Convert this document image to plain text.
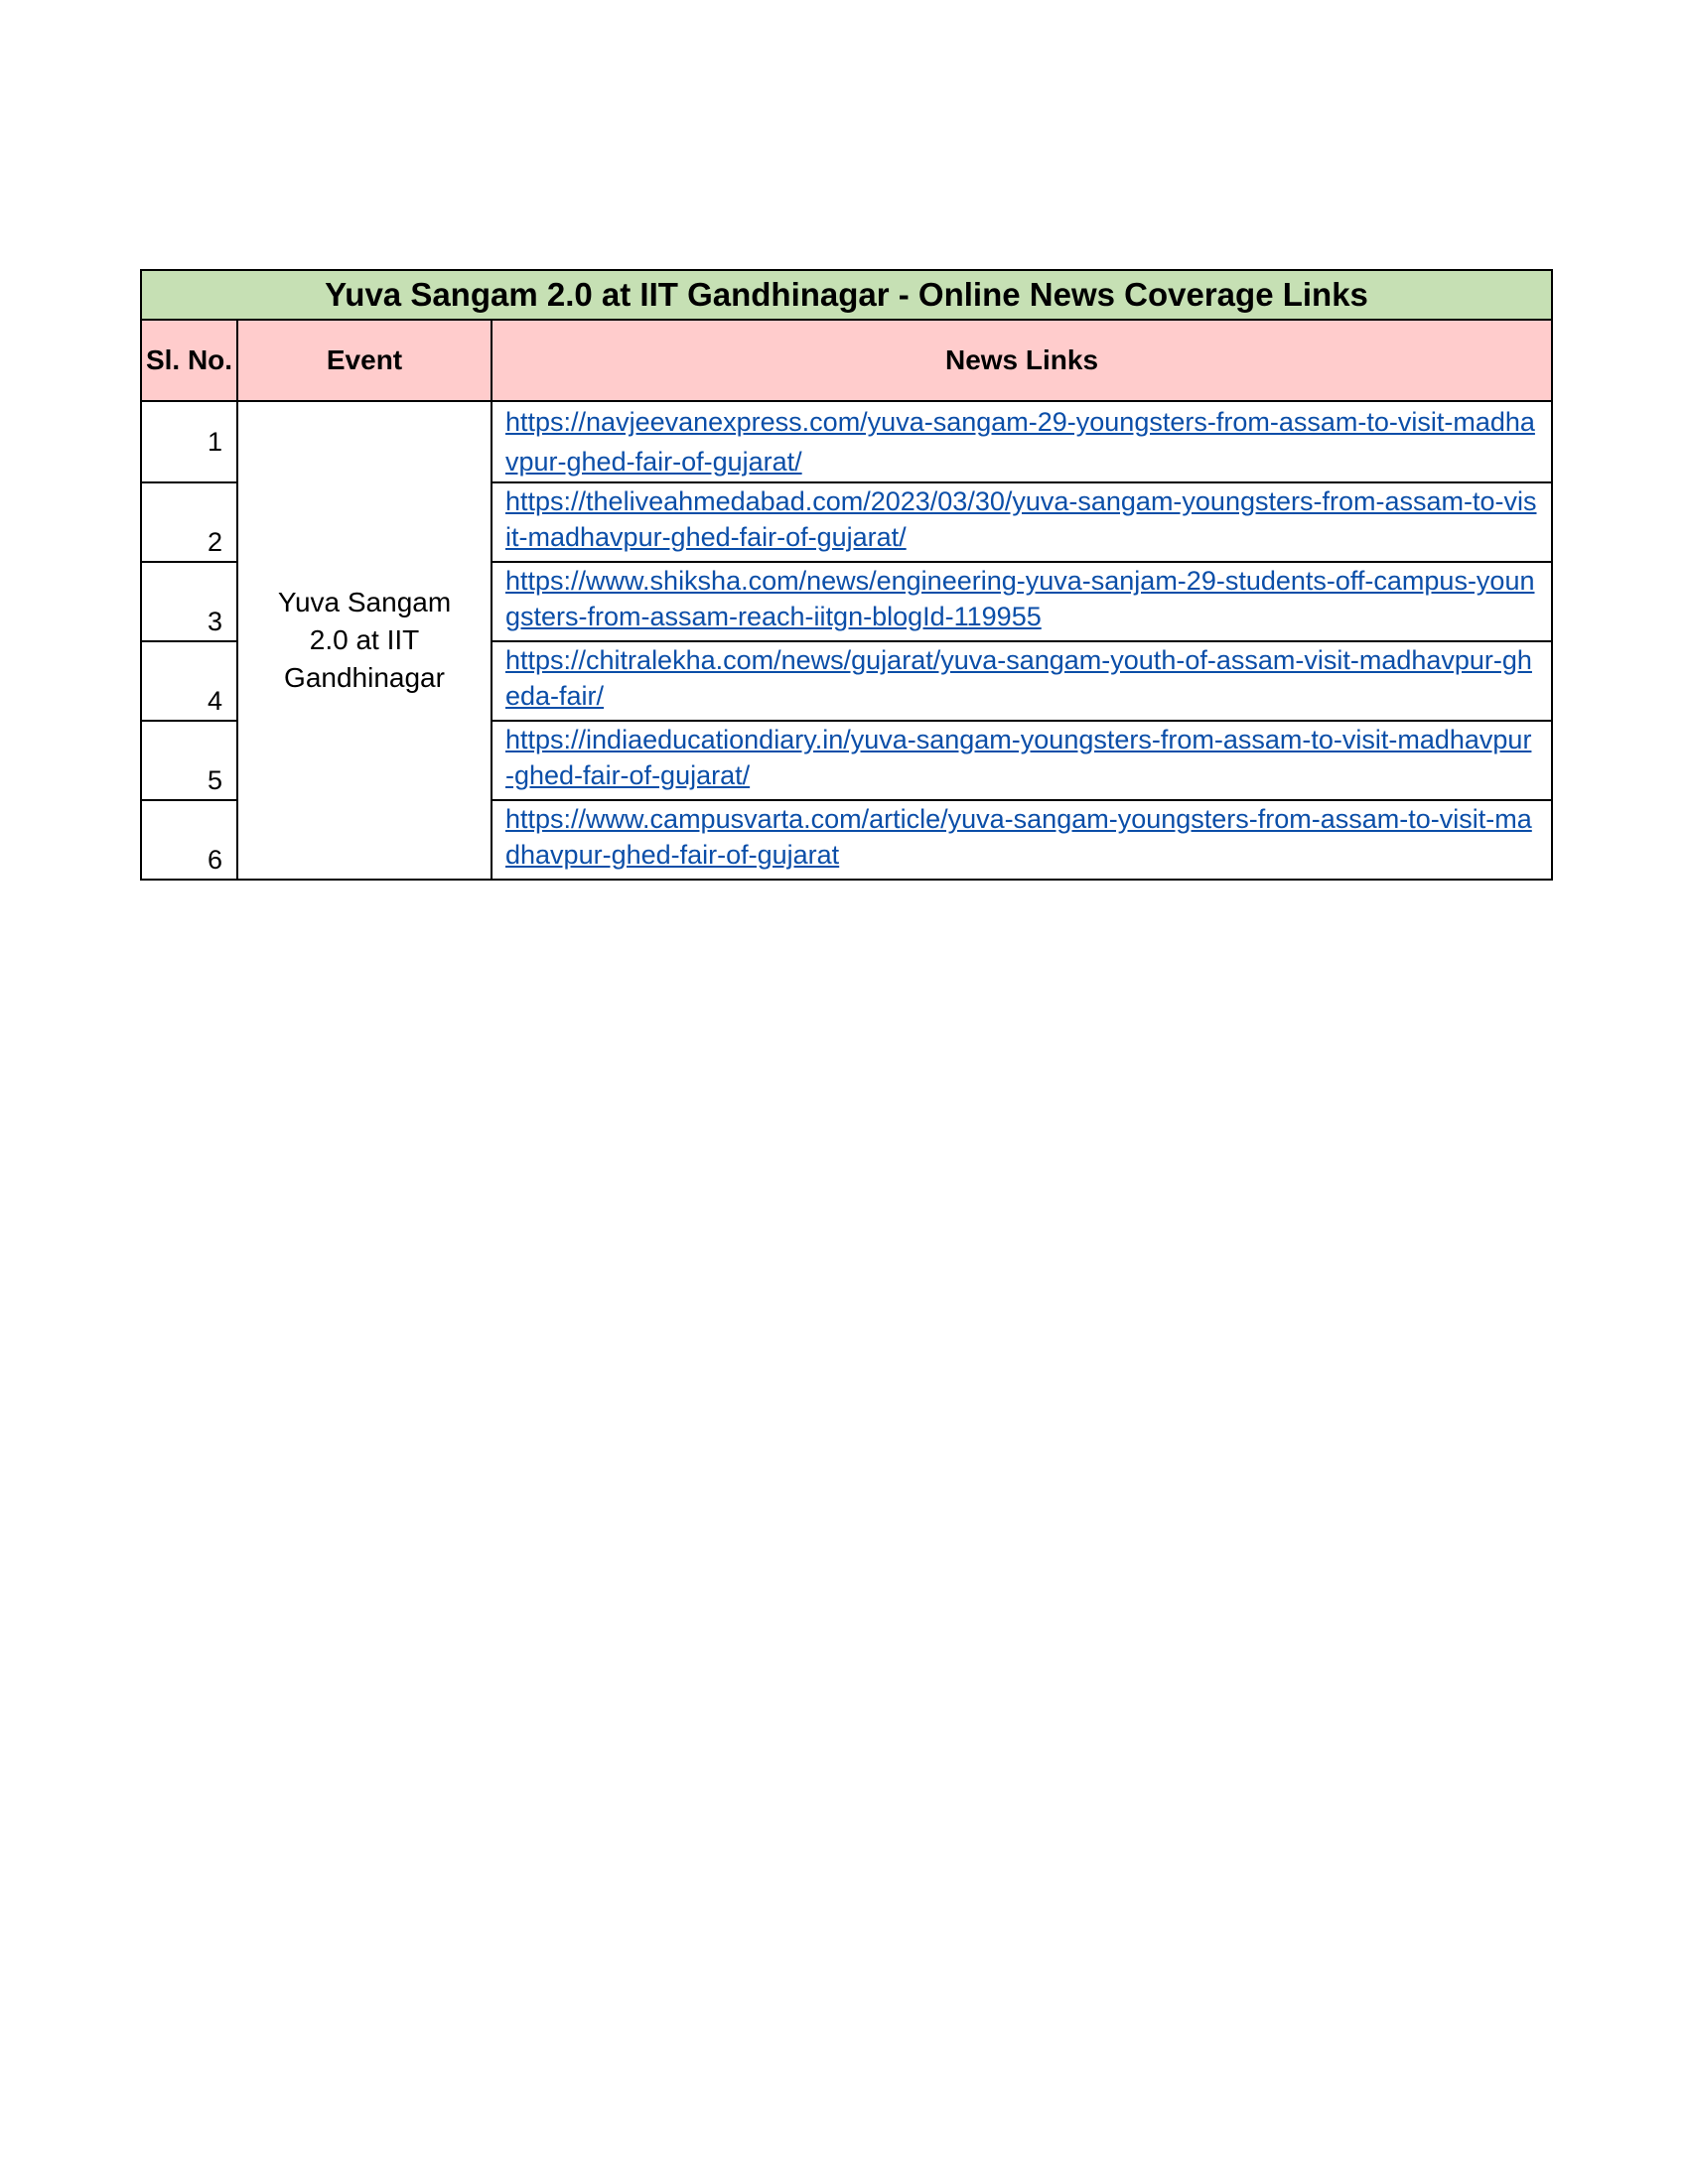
Yuva Sangam 2.0 at IIT Gandhinagar - Online News Coverage Links		
Sl. No.	Event	News Links
1	Yuva Sangam 2.0 at IIT Gandhinagar	https://navjeevanexpress.com/yuva-sangam-29-youngsters-from-assam-to-visit-madhavpur-ghed-fair-of-gujarat/
2		https://theliveahmedabad.com/2023/03/30/yuva-sangam-youngsters-from-assam-to-visit-madhavpur-ghed-fair-of-gujarat/
3		https://www.shiksha.com/news/engineering-yuva-sanjam-29-students-off-campus-youngsters-from-assam-reach-iitgn-blogId-119955
4		https://chitralekha.com/news/gujarat/yuva-sangam-youth-of-assam-visit-madhavpur-gheda-fair/
5		https://indiaeducationdiary.in/yuva-sangam-youngsters-from-assam-to-visit-madhavpur-ghed-fair-of-gujarat/
6		https://www.campusvarta.com/article/yuva-sangam-youngsters-from-assam-to-visit-madhavpur-ghed-fair-of-gujarat
